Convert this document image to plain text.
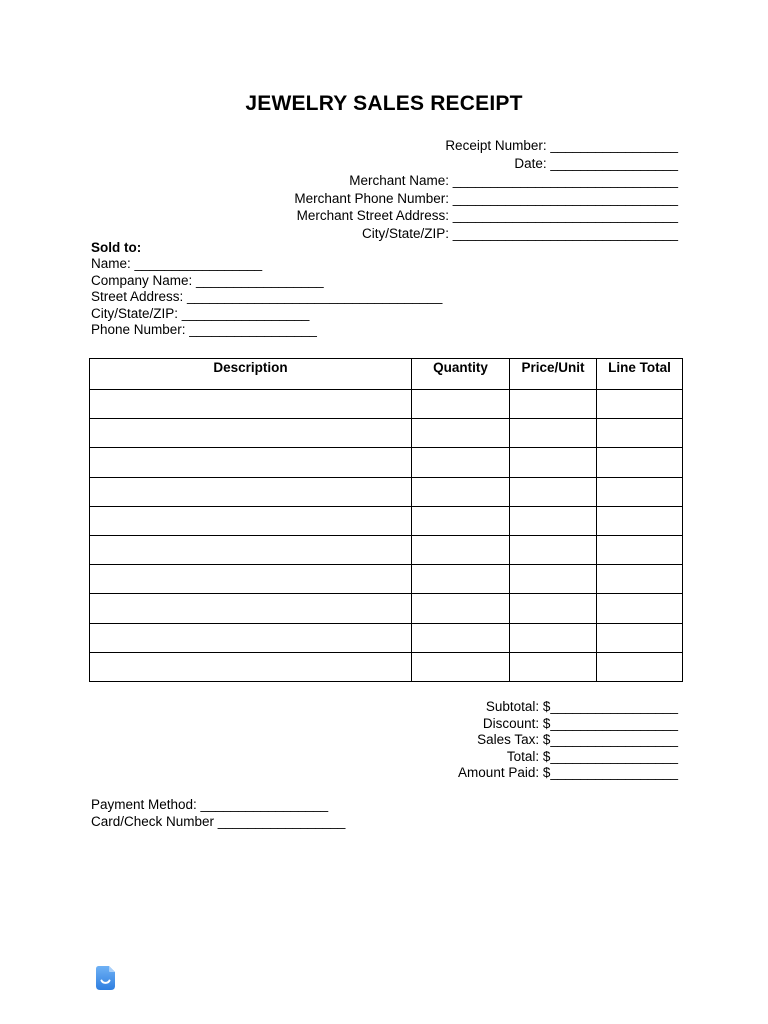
JEWELRY SALES RECEIPT
Receipt Number: _________________
Date: _________________
Merchant Name: ______________________________
Merchant Phone Number: ______________________________
Merchant Street Address: ______________________________
City/State/ZIP: ______________________________
Sold to:
Name: _________________
Company Name: _________________
Street Address: __________________________________
City/State/ZIP: _________________
Phone Number: _________________
Description	Quantity	Price/Unit	Line Total

Subtotal: $_________________
Discount: $_________________
Sales Tax: $_________________
Total: $_________________
Amount Paid: $_________________
Payment Method: _________________
Card/Check Number _________________
